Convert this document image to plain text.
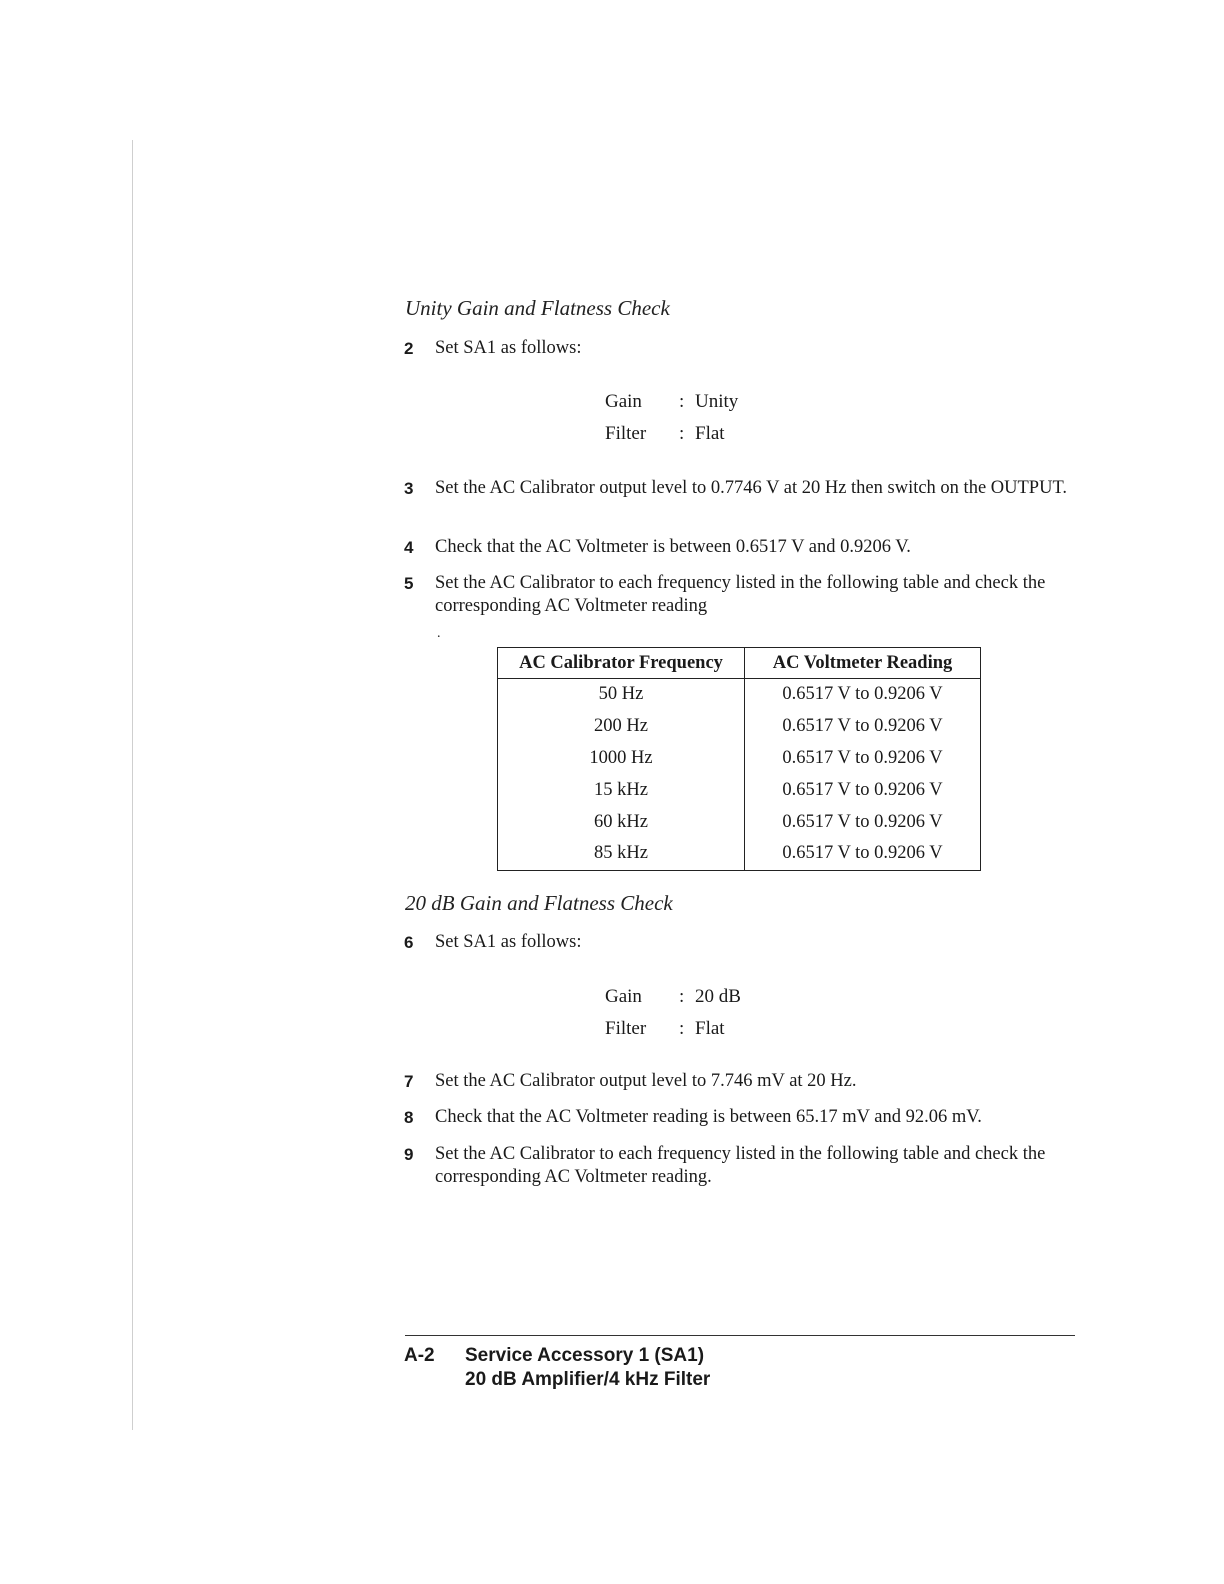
Unity Gain and Flatness Check
2 Set SA1 as follows:
Gain : Unity
Filter : Flat
3 Set the AC Calibrator output level to 0.7746 V at 20 Hz then switch on the OUTPUT.
4 Check that the AC Voltmeter is between 0.6517 V and 0.9206 V.
5 Set the AC Calibrator to each frequency listed in the following table and check the corresponding AC Voltmeter reading
.
AC Calibrator Frequency	AC Voltmeter Reading
50 Hz	0.6517 V to 0.9206 V
200 Hz	0.6517 V to 0.9206 V
1000 Hz	0.6517 V to 0.9206 V
15 kHz	0.6517 V to 0.9206 V
60 kHz	0.6517 V to 0.9206 V
85 kHz	0.6517 V to 0.9206 V
20 dB Gain and Flatness Check
6 Set SA1 as follows:
Gain : 20 dB
Filter : Flat
7 Set the AC Calibrator output level to 7.746 mV at 20 Hz.
8 Check that the AC Voltmeter reading is between 65.17 mV and 92.06 mV.
9 Set the AC Calibrator to each frequency listed in the following table and check the corresponding AC Voltmeter reading.
A-2 Service Accessory 1 (SA1)
20 dB Amplifier/4 kHz Filter
